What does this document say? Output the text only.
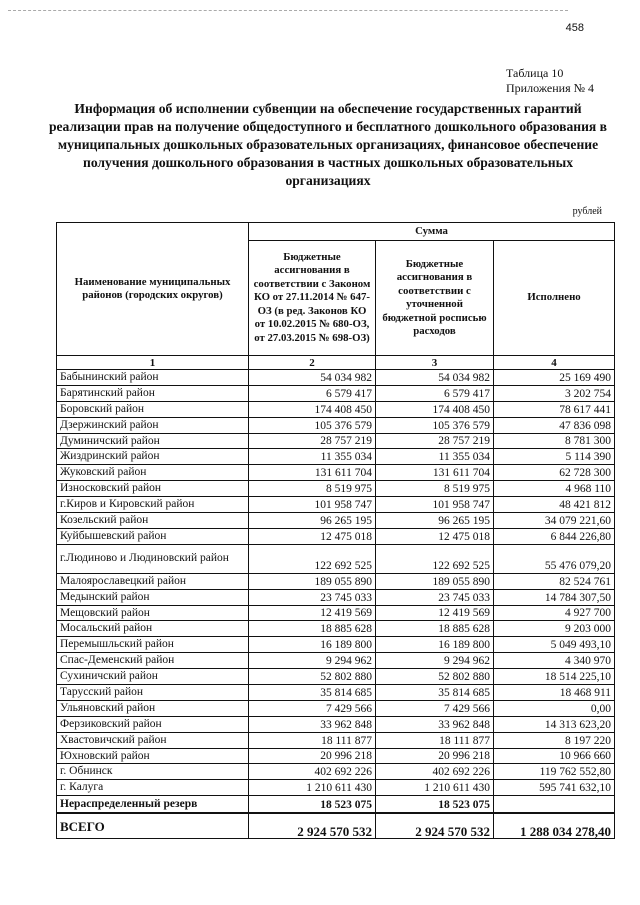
458
Таблица 10
Приложения № 4
Информация об исполнении субвенции на обеспечение государственных гарантий реализации прав на получение общедоступного и бесплатного дошкольного образования в муниципальных дошкольных образовательных организациях, финансовое обеспечение получения дошкольного образования в частных дошкольных образовательных организациях
рублей
Наименование муниципальных районов (городских округов)	Сумма		
	Бюджетные ассигнования в соответствии с Законом КО от 27.11.2014 № 647-ОЗ (в ред. Законов КО от 10.02.2015 № 680-ОЗ, от 27.03.2015 № 698-ОЗ)	Бюджетные ассигнования в соответствии с уточненной бюджетной росписью расходов	Исполнено
1	2	3	4
Бабынинский район	54 034 982	54 034 982	25 169 490
Барятинский район	6 579 417	6 579 417	3 202 754
Боровский район	174 408 450	174 408 450	78 617 441
Дзержинский район	105 376 579	105 376 579	47 836 098
Думиничский район	28 757 219	28 757 219	8 781 300
Жиздринский район	11 355 034	11 355 034	5 114 390
Жуковский район	131 611 704	131 611 704	62 728 300
Износковский район	8 519 975	8 519 975	4 968 110
г.Киров и Кировский район	101 958 747	101 958 747	48 421 812
Козельский район	96 265 195	96 265 195	34 079 221,60
Куйбышевский район	12 475 018	12 475 018	6 844 226,80
г.Людиново и Людиновский район	122 692 525	122 692 525	55 476 079,20
Малоярославецкий район	189 055 890	189 055 890	82 524 761
Медынский район	23 745 033	23 745 033	14 784 307,50
Мещовский район	12 419 569	12 419 569	4 927 700
Мосальский район	18 885 628	18 885 628	9 203 000
Перемышльский район	16 189 800	16 189 800	5 049 493,10
Спас-Деменский район	9 294 962	9 294 962	4 340 970
Сухиничский район	52 802 880	52 802 880	18 514 225,10
Тарусский район	35 814 685	35 814 685	18 468 911
Ульяновский район	7 429 566	7 429 566	0,00
Ферзиковский район	33 962 848	33 962 848	14 313 623,20
Хвастовичский район	18 111 877	18 111 877	8 197 220
Юхновский район	20 996 218	20 996 218	10 966 660
г. Обнинск	402 692 226	402 692 226	119 762 552,80
г. Калуга	1 210 611 430	1 210 611 430	595 741 632,10
Нераспределенный резерв	18 523 075	18 523 075	
ВСЕГО	2 924 570 532	2 924 570 532	1 288 034 278,40
